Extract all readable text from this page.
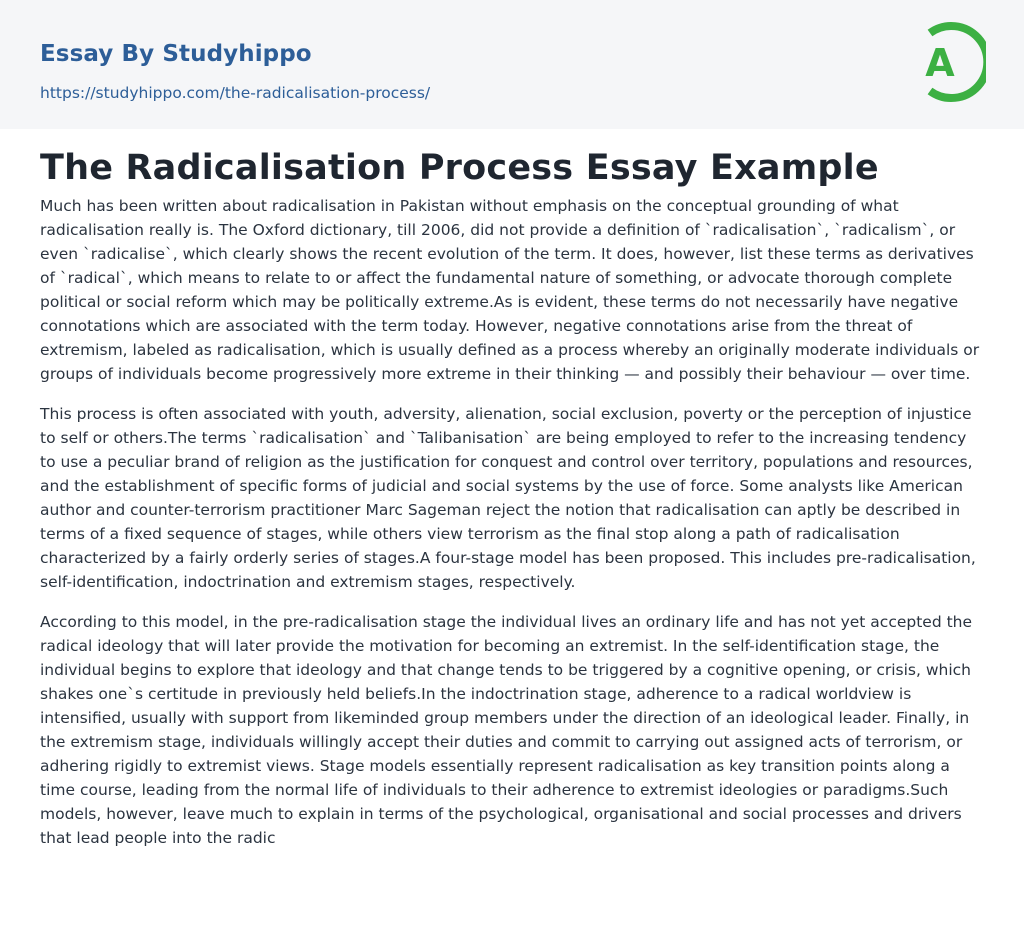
Essay By Studyhippo
https://studyhippo.com/the-radicalisation-process/
A
The Radicalisation Process Essay Example

Much has been written about radicalisation in Pakistan without emphasis on the conceptual grounding of what radicalisation really is. The Oxford dictionary, till 2006, did not provide a definition of `radicalisation`, `radicalism`, or even `radicalise`, which clearly shows the recent evolution of the term. It does, however, list these terms as derivatives of `radical`, which means to relate to or affect the fundamental nature of something, or advocate thorough complete political or social reform which may be politically extreme.As is evident, these terms do not necessarily have negative connotations which are associated with the term today. However, negative connotations arise from the threat of extremism, labeled as radicalisation, which is usually defined as a process whereby an originally moderate individuals or groups of individuals become progressively more extreme in their thinking — and possibly their behaviour — over time.

This process is often associated with youth, adversity, alienation, social exclusion, poverty or the perception of injustice to self or others.The terms `radicalisation` and `Talibanisation` are being employed to refer to the increasing tendency to use a peculiar brand of religion as the justification for conquest and control over territory, populations and resources, and the establishment of specific forms of judicial and social systems by the use of force. Some analysts like American author and counter-terrorism practitioner Marc Sageman reject the notion that radicalisation can aptly be described in terms of a fixed sequence of stages, while others view terrorism as the final stop along a path of radicalisation characterized by a fairly orderly series of stages.A four-stage model has been proposed. This includes pre-radicalisation, self-identification, indoctrination and extremism stages, respectively.

According to this model, in the pre-radicalisation stage the individual lives an ordinary life and has not yet accepted the radical ideology that will later provide the motivation for becoming an extremist. In the self-identification stage, the individual begins to explore that ideology and that change tends to be triggered by a cognitive opening, or crisis, which shakes one`s certitude in previously held beliefs.In the indoctrination stage, adherence to a radical worldview is intensified, usually with support from likeminded group members under the direction of an ideological leader. Finally, in the extremism stage, individuals willingly accept their duties and commit to carrying out assigned acts of terrorism, or adhering rigidly to extremist views. Stage models essentially represent radicalisation as key transition points along a time course, leading from the normal life of individuals to their adherence to extremist ideologies or paradigms.Such models, however, leave much to explain in terms of the psychological, organisational and social processes and drivers that lead people into the radic
